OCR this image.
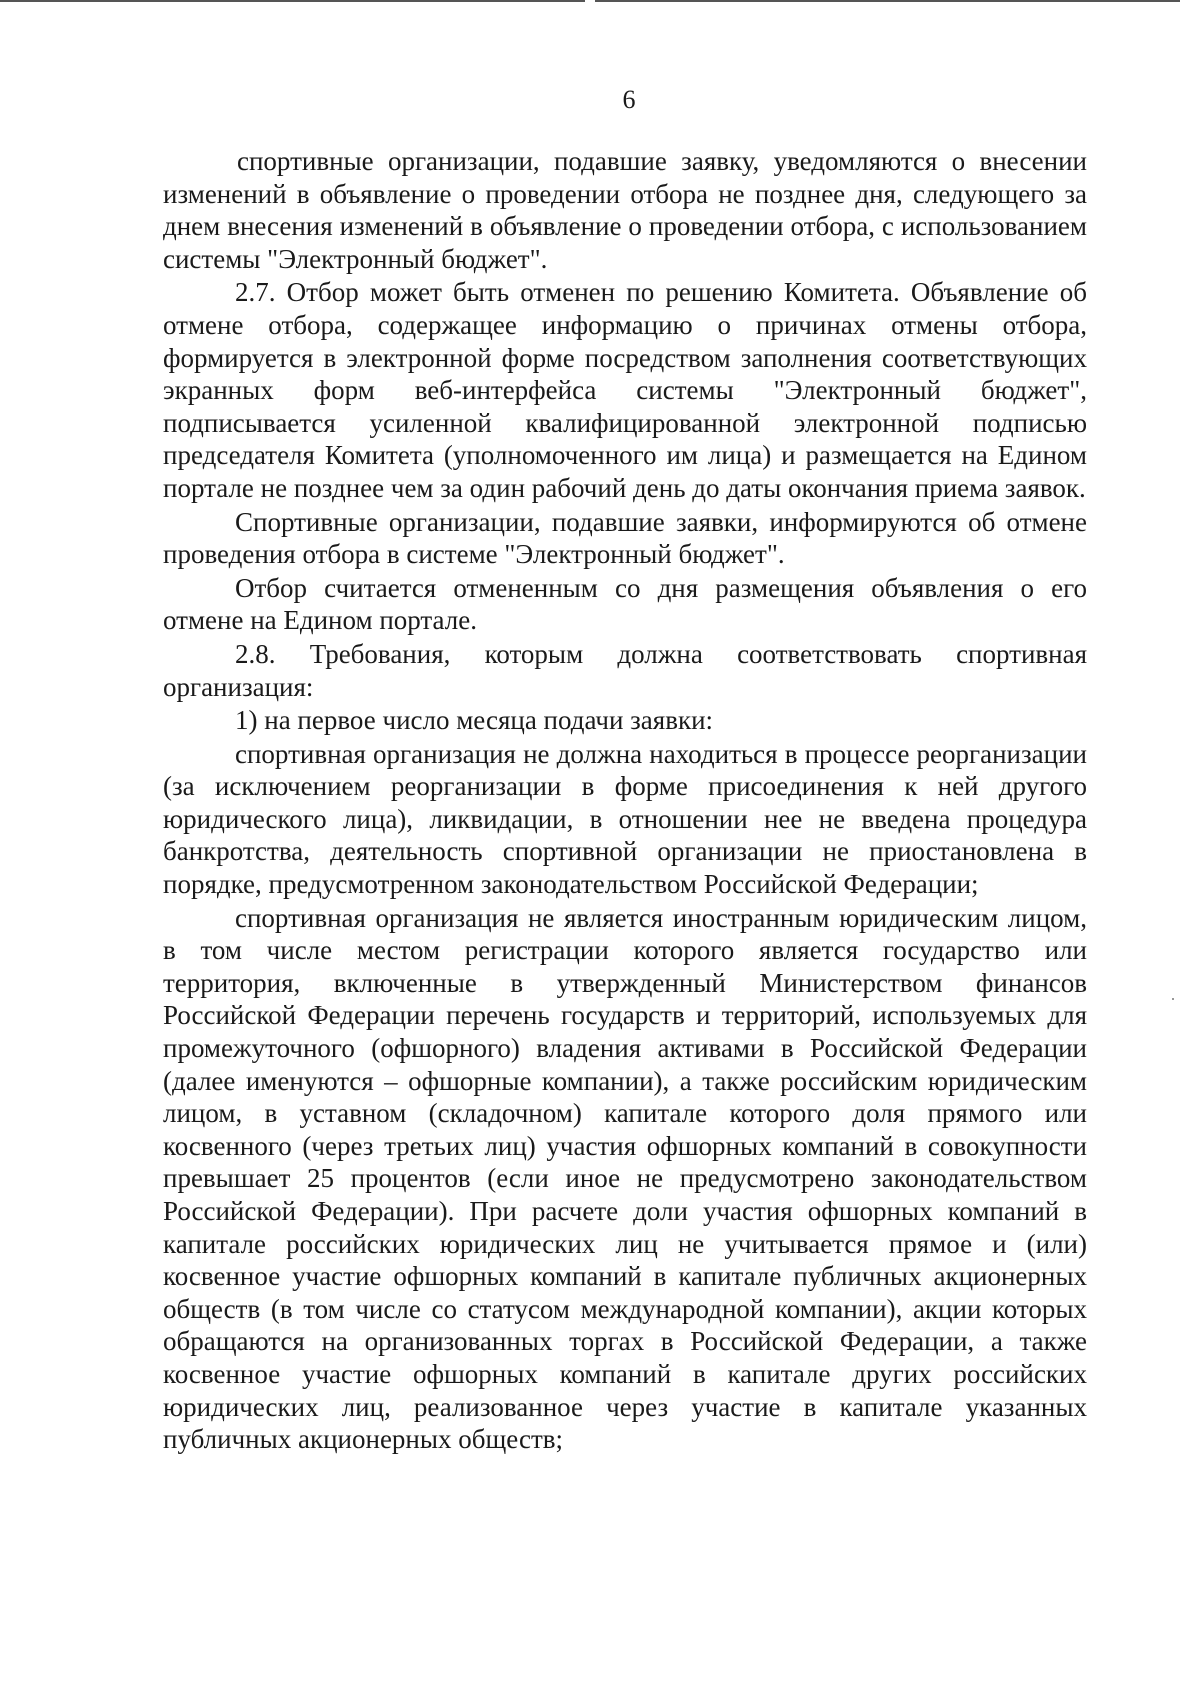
6

спортивные организации, подавшие заявку, уведомляются о внесении изменений в объявление о проведении отбора не позднее дня, следующего за днем внесения изменений в объявление о проведении отбора, с использованием системы "Электронный бюджет".

2.7. Отбор может быть отменен по решению Комитета. Объявление об отмене отбора, содержащее информацию о причинах отмены отбора, формируется в электронной форме посредством заполнения соответствующих экранных форм веб-интерфейса системы "Электронный бюджет", подписывается усиленной квалифицированной электронной подписью председателя Комитета (уполномоченного им лица) и размещается на Едином портале не позднее чем за один рабочий день до даты окончания приема заявок.

Спортивные организации, подавшие заявки, информируются об отмене проведения отбора в системе "Электронный бюджет".

Отбор считается отмененным со дня размещения объявления о его отмене на Едином портале.

2.8. Требования, которым должна соответствовать спортивная организация:

1) на первое число месяца подачи заявки:

спортивная организация не должна находиться в процессе реорганизации (за исключением реорганизации в форме присоединения к ней другого юридического лица), ликвидации, в отношении нее не введена процедура банкротства, деятельность спортивной организации не приостановлена в порядке, предусмотренном законодательством Российской Федерации;

спортивная организация не является иностранным юридическим лицом, в том числе местом регистрации которого является государство или территория, включенные в утвержденный Министерством финансов Российской Федерации перечень государств и территорий, используемых для промежуточного (офшорного) владения активами в Российской Федерации (далее именуются – офшорные компании), а также российским юридическим лицом, в уставном (складочном) капитале которого доля прямого или косвенного (через третьих лиц) участия офшорных компаний в совокупности превышает 25 процентов (если иное не предусмотрено законодательством Российской Федерации). При расчете доли участия офшорных компаний в капитале российских юридических лиц не учитывается прямое и (или) косвенное участие офшорных компаний в капитале публичных акционерных обществ (в том числе со статусом международной компании), акции которых обращаются на организованных торгах в Российской Федерации, а также косвенное участие офшорных компаний в капитале других российских юридических лиц, реализованное через участие в капитале указанных публичных акционерных обществ;
